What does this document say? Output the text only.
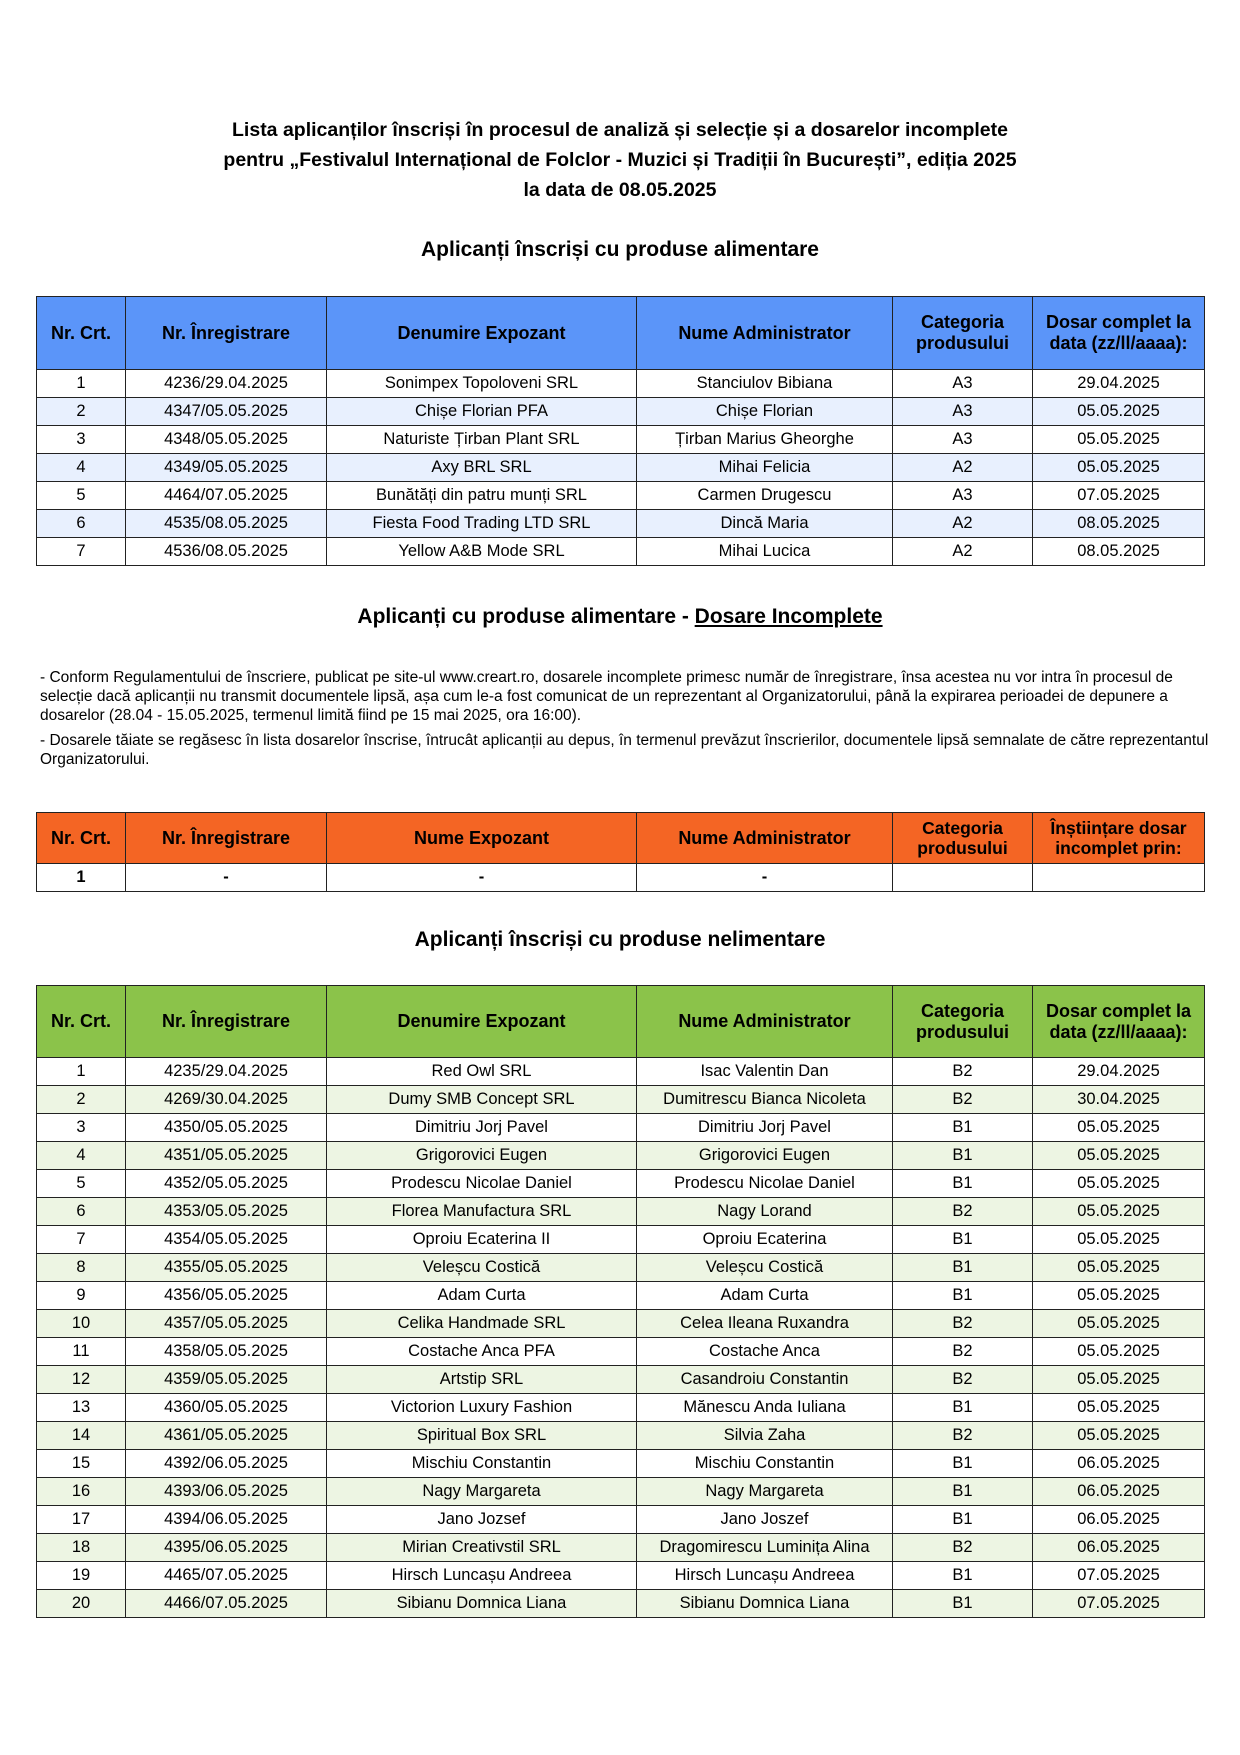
Lista aplicanților înscriși în procesul de analiză și selecție și a dosarelor incomplete
pentru „Festivalul Internațional de Folclor - Muzici și Tradiții în București”, ediția 2025
la data de 08.05.2025
Aplicanți înscriși cu produse alimentare
Nr. Crt.	Nr. Înregistrare	Denumire Expozant	Nume Administrator	Categoria produsului	Dosar complet la data (zz/ll/aaaa):
1	4236/29.04.2025	Sonimpex Topoloveni SRL	Stanciulov Bibiana	A3	29.04.2025
2	4347/05.05.2025	Chișe Florian PFA	Chișe Florian	A3	05.05.2025
3	4348/05.05.2025	Naturiste Țirban Plant SRL	Țirban Marius Gheorghe	A3	05.05.2025
4	4349/05.05.2025	Axy BRL SRL	Mihai Felicia	A2	05.05.2025
5	4464/07.05.2025	Bunătăți din patru munți SRL	Carmen Drugescu	A3	07.05.2025
6	4535/08.05.2025	Fiesta Food Trading LTD SRL	Dincă Maria	A2	08.05.2025
7	4536/08.05.2025	Yellow A&B Mode SRL	Mihai Lucica	A2	08.05.2025
Aplicanți cu produse alimentare - Dosare Incomplete

- Conform Regulamentului de înscriere, publicat pe site-ul www.creart.ro, dosarele incomplete primesc număr de înregistrare, însa acestea nu vor intra în procesul de selecție dacă aplicanții nu transmit documentele lipsă, așa cum le-a fost comunicat de un reprezentant al Organizatorului, până la expirarea perioadei de depunere a dosarelor (28.04 - 15.05.2025, termenul limită fiind pe 15 mai 2025, ora 16:00).

- Dosarele tăiate se regăsesc în lista dosarelor înscrise, întrucât aplicanții au depus, în termenul prevăzut înscrierilor, documentele lipsă semnalate de către reprezentantul Organizatorului.

Nr. Crt.	Nr. Înregistrare	Nume Expozant	Nume Administrator	Categoria produsului	Înștiințare dosar incomplet prin:
1	-	-	-		
Aplicanți înscriși cu produse nelimentare
Nr. Crt.	Nr. Înregistrare	Denumire Expozant	Nume Administrator	Categoria produsului	Dosar complet la data (zz/ll/aaaa):
1	4235/29.04.2025	Red Owl SRL	Isac Valentin Dan	B2	29.04.2025
2	4269/30.04.2025	Dumy SMB Concept SRL	Dumitrescu Bianca Nicoleta	B2	30.04.2025
3	4350/05.05.2025	Dimitriu Jorj Pavel	Dimitriu Jorj Pavel	B1	05.05.2025
4	4351/05.05.2025	Grigorovici Eugen	Grigorovici Eugen	B1	05.05.2025
5	4352/05.05.2025	Prodescu Nicolae Daniel	Prodescu Nicolae Daniel	B1	05.05.2025
6	4353/05.05.2025	Florea Manufactura SRL	Nagy Lorand	B2	05.05.2025
7	4354/05.05.2025	Oproiu Ecaterina II	Oproiu Ecaterina	B1	05.05.2025
8	4355/05.05.2025	Veleșcu Costică	Veleșcu Costică	B1	05.05.2025
9	4356/05.05.2025	Adam Curta	Adam Curta	B1	05.05.2025
10	4357/05.05.2025	Celika Handmade SRL	Celea Ileana Ruxandra	B2	05.05.2025
11	4358/05.05.2025	Costache Anca PFA	Costache Anca	B2	05.05.2025
12	4359/05.05.2025	Artstip SRL	Casandroiu Constantin	B2	05.05.2025
13	4360/05.05.2025	Victorion Luxury Fashion	Mănescu Anda Iuliana	B1	05.05.2025
14	4361/05.05.2025	Spiritual Box SRL	Silvia Zaha	B2	05.05.2025
15	4392/06.05.2025	Mischiu Constantin	Mischiu Constantin	B1	06.05.2025
16	4393/06.05.2025	Nagy Margareta	Nagy Margareta	B1	06.05.2025
17	4394/06.05.2025	Jano Jozsef	Jano Joszef	B1	06.05.2025
18	4395/06.05.2025	Mirian Creativstil SRL	Dragomirescu Luminița Alina	B2	06.05.2025
19	4465/07.05.2025	Hirsch Luncașu Andreea	Hirsch Luncașu Andreea	B1	07.05.2025
20	4466/07.05.2025	Sibianu Domnica Liana	Sibianu Domnica Liana	B1	07.05.2025
